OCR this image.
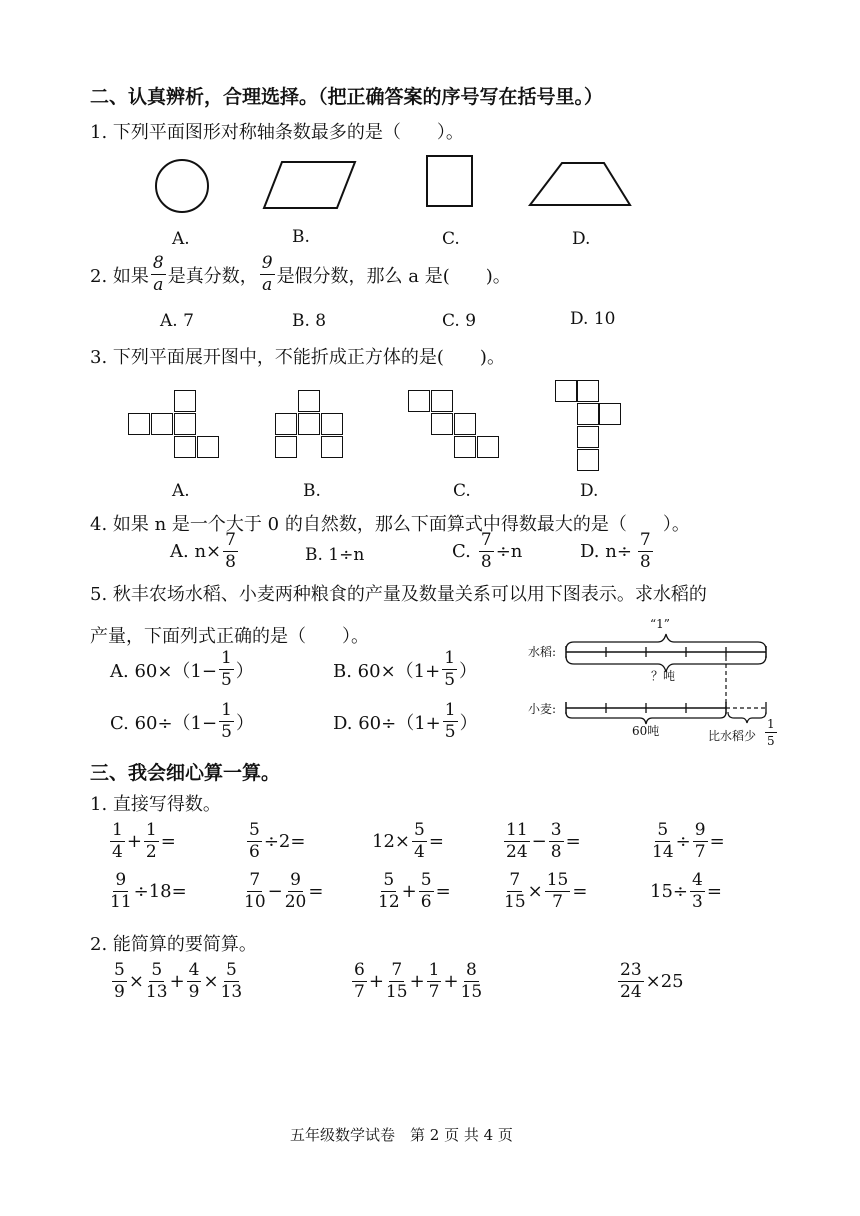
二、认真辨析，合理选择。（把正确答案的序号写在括号里。）
1. 下列平面图形对称轴条数最多的是（　　）。
A.	B.	C.	D.
2. 如果 $\frac{8}{a}$ 是真分数， $\frac{9}{a}$ 是假分数，那么 a 是(　　)。
A. 7	B. 8	C. 9	D. 10
3. 下列平面展开图中，不能折成正方体的是(　　)。
A.	B.	C.	D.
4. 如果 n 是一个大于 0 的自然数，那么下面算式中得数最大的是（　　）。
A. $n\times \frac{7}{8}$	B. 1÷n	C. $\frac{7}{8} \div n$	D. $n\div \frac{7}{8}$
5. 秋丰农场水稻、小麦两种粮食的产量及数量关系可以用下图表示。求水稻的
产量，下面列式正确的是（　　）。
A. $60\times(1- \frac{1}{5}$ ）	B. $60\times(1+ \frac{1}{5}$ ）
C. $60\div(1- \frac{1}{5}$ ）	D. $60\div(1+ \frac{1}{5}$ ）
“1”
水稻:
？吨
小麦:
60吨	比水稻少 $\frac{1}{5}$
三、我会细心算一算。
1. 直接写得数。
$\frac{1}{4} + \frac{1}{2}$ =	$\frac{5}{6} \div 2$ =	$12\times \frac{5}{4}$ =	$\frac{11}{24} - \frac{3}{8}$ =	$\frac{5}{14} \div \frac{9}{7}$ =
$\frac{9}{11} \div 18$ =	$\frac{7}{10} - \frac{9}{20}$ =	$\frac{5}{12} + \frac{5}{6}$ =	$\frac{7}{15} \times \frac{15}{7}$ =	$15\div \frac{4}{3}$ =
2. 能简算的要简算。
$\frac{5}{9} \times \frac{5}{13} + \frac{4}{9} \times \frac{5}{13}$	$\frac{6}{7} + \frac{7}{15} + \frac{1}{7} + \frac{8}{15}$	$\frac{23}{24} \times 25$
五年级数学试卷　第 2 页 共 4 页
